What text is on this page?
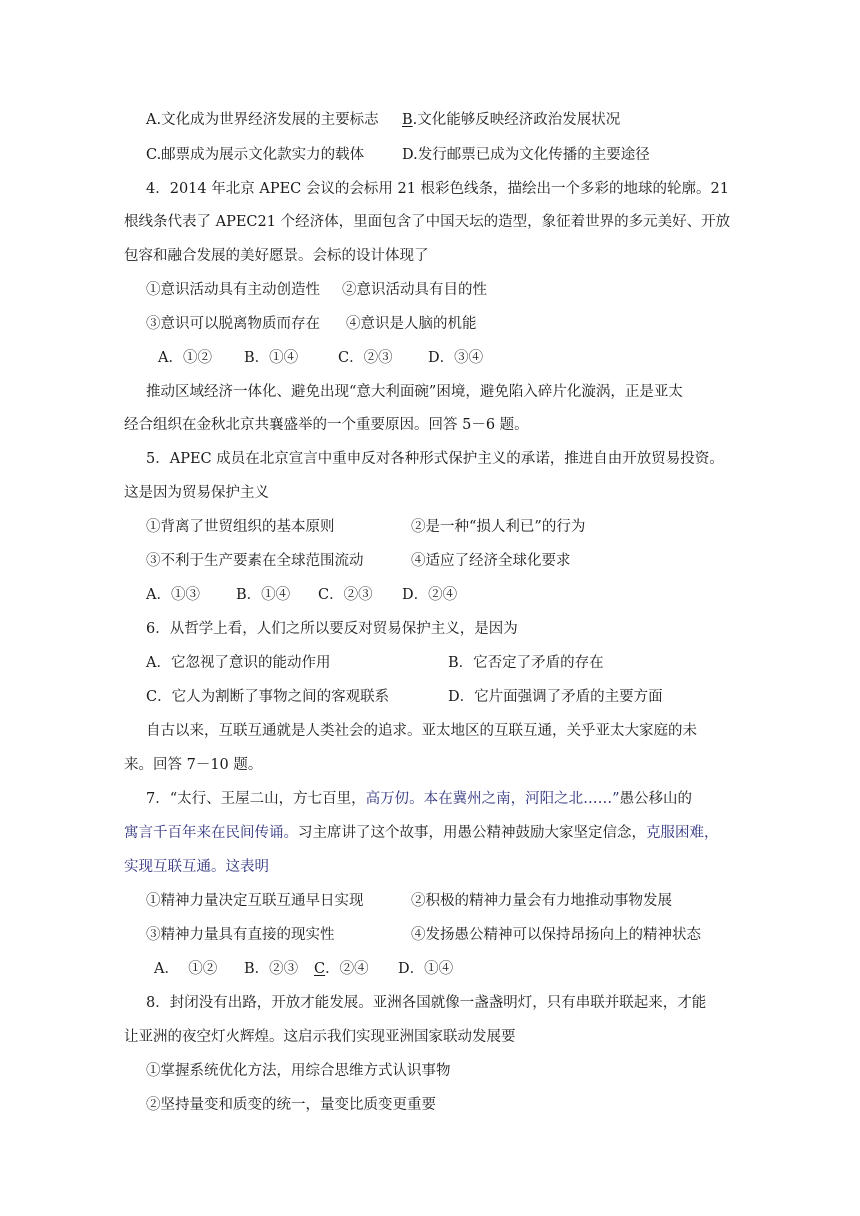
A.文化成为世界经济发展的主要标志 B.文化能够反映经济政治发展状况
C.邮票成为展示文化款实力的载体	D.发行邮票已成为文化传播的主要途径
4．2014 年北京 APEC 会议的会标用 21 根彩色线条，描绘出一个多彩的地球的轮廓。21
根线条代表了 APEC21 个经济体，里面包含了中国天坛的造型，象征着世界的多元美好、开放
包容和融合发展的美好愿景。会标的设计体现了
①意识活动具有主动创造性 ②意识活动具有目的性
③意识可以脱离物质而存在 ④意识是人脑的机能
A．①② B．①④	C．②③ D．③④
推动区域经济一体化、避免出现“意大利面碗”困境，避免陷入碎片化漩涡，正是亚太
经合组织在金秋北京共襄盛举的一个重要原因。回答 5－6 题。
5．APEC 成员在北京宣言中重申反对各种形式保护主义的承诺，推进自由开放贸易投资。
这是因为贸易保护主义
①背离了世贸组织的基本原则	②是一种“损人利已”的行为
③不利于生产要素在全球范围流动	④适应了经济全球化要求
A．①③ B．①④ C．②③ D．②④
6．从哲学上看，人们之所以要反对贸易保护主义，是因为
A．它忽视了意识的能动作用	B．它否定了矛盾的存在
C．它人为割断了事物之间的客观联系	D．它片面强调了矛盾的主要方面
自古以来，互联互通就是人类社会的追求。亚太地区的互联互通，关乎亚太大家庭的未
来。回答 7－10 题。
7．“太行、王屋二山，方七百里，高万仞。本在冀州之南，河阳之北……”愚公移山的
寓言千百年来在民间传诵。习主席讲了这个故事，用愚公精神鼓励大家坚定信念，克服困难，
实现互联互通。这表明
①精神力量决定互联互通早日实现	②积极的精神力量会有力地推动事物发展
③精神力量具有直接的现实性	④发扬愚公精神可以保持昂扬向上的精神状态
A．  ①② B．②③ C．②④ D．①④
8．封闭没有出路，开放才能发展。亚洲各国就像一盏盏明灯，只有串联并联起来，才能
让亚洲的夜空灯火辉煌。这启示我们实现亚洲国家联动发展要
①掌握系统优化方法，用综合思维方式认识事物
②坚持量变和质变的统一，量变比质变更重要
